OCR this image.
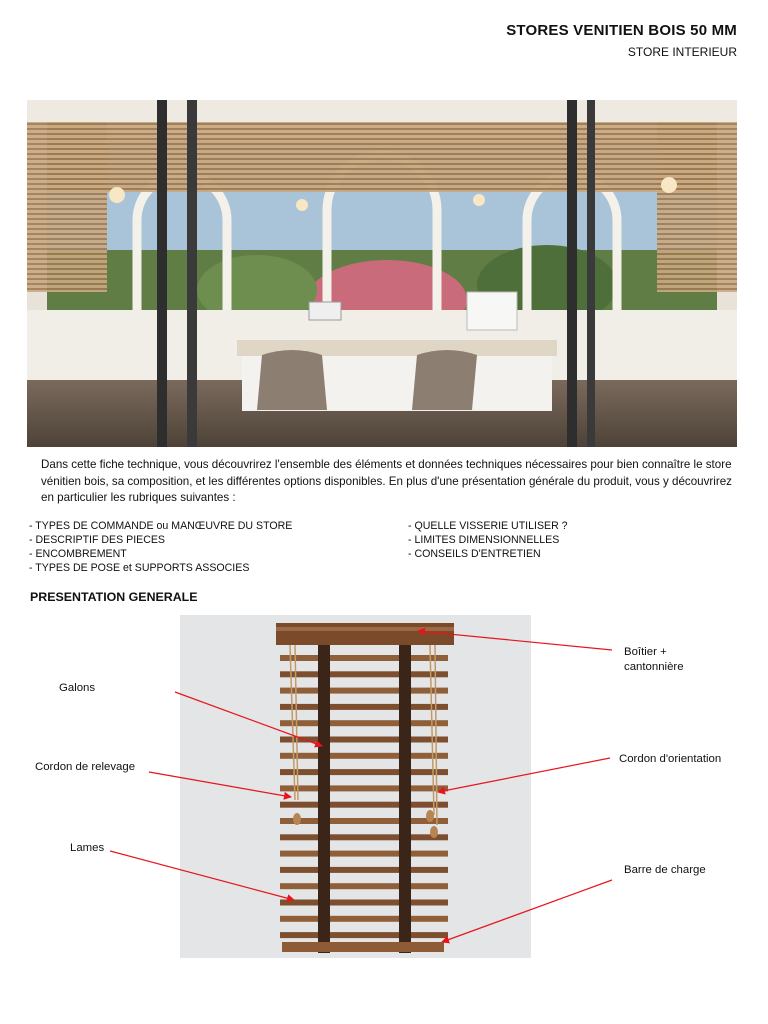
STORES VENITIEN BOIS 50 MM
STORE INTERIEUR
Dans cette fiche technique, vous découvrirez l'ensemble des éléments et données techniques nécessaires pour bien connaître le store vénitien bois, sa composition, et les différentes options disponibles. En plus d'une présentation générale du produit, vous y découvrirez en particulier les rubriques suivantes :
- TYPES DE COMMANDE ou MANŒUVRE DU STORE
- DESCRIPTIF DES PIECES
- ENCOMBREMENT
- TYPES DE POSE et SUPPORTS ASSOCIES
- QUELLE VISSERIE UTILISER ?
- LIMITES DIMENSIONNELLES
- CONSEILS D'ENTRETIEN
PRESENTATION GENERALE
Boîtier +
cantonnière
Galons
Cordon de relevage
Cordon d'orientation
Lames
Barre de charge
